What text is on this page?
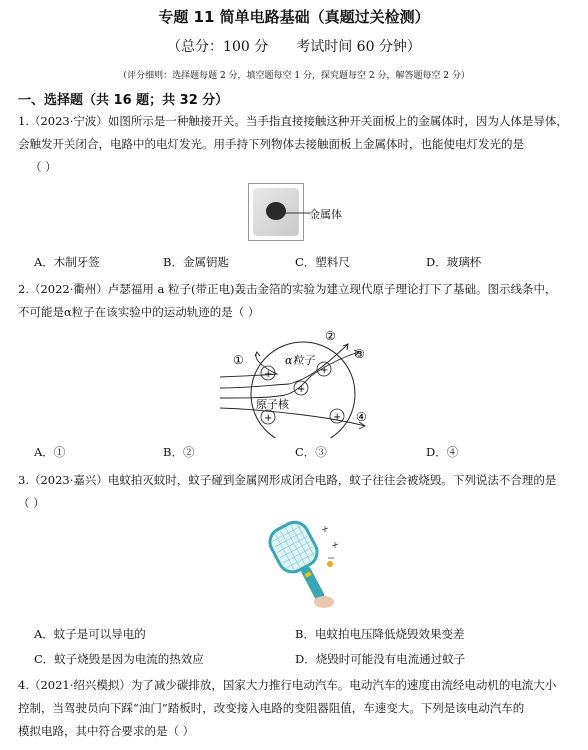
专题 11 简单电路基础（真题过关检测）
（总分：100 分 考试时间 60 分钟）
（评分细则：选择题每题 2 分，填空题每空 1 分，探究题每空 2 分，解答题每空 2 分）
一、选择题（共 16 题；共 32 分）
1.（2023·宁波）如图所示是一种触接开关。当手指直接接触这种开关面板上的金属体时，因为人体是导体，
会触发开关闭合，电路中的电灯发光。用手持下列物体去接触面板上金属体时，也能使电灯发光的是
（ ）
金属体
A．木制牙签	B．金属钥匙	C．塑料尺	D．玻璃杯
2.（2022·衢州）卢瑟福用 a 粒子(带正电)轰击金箔的实验为建立现代原子理论打下了基础。图示线条中，
不可能是α粒子在该实验中的运动轨迹的是（ ）
+	+
+
+	+
α粒子
原子核
①
②
③
④
A．①	B．②	C．③	D．④
3.（2023·嘉兴）电蚊拍灭蚊时，蚊子碰到金属网形成闭合电路，蚊子往往会被烧毁。下列说法不合理的是
（ ）
A．蚊子是可以导电的	B．电蚊拍电压降低烧毁效果变差
C．蚊子烧毁是因为电流的热效应	D．烧毁时可能没有电流通过蚊子
4.（2021·绍兴模拟）为了减少碳排放，国家大力推行电动汽车。电动汽车的速度由流经电动机的电流大小
控制，当驾驶员向下踩“油门”踏板时，改变接入电路的变阻器阻值，车速变大。下列是该电动汽车的
模拟电路，其中符合要求的是（ ）
